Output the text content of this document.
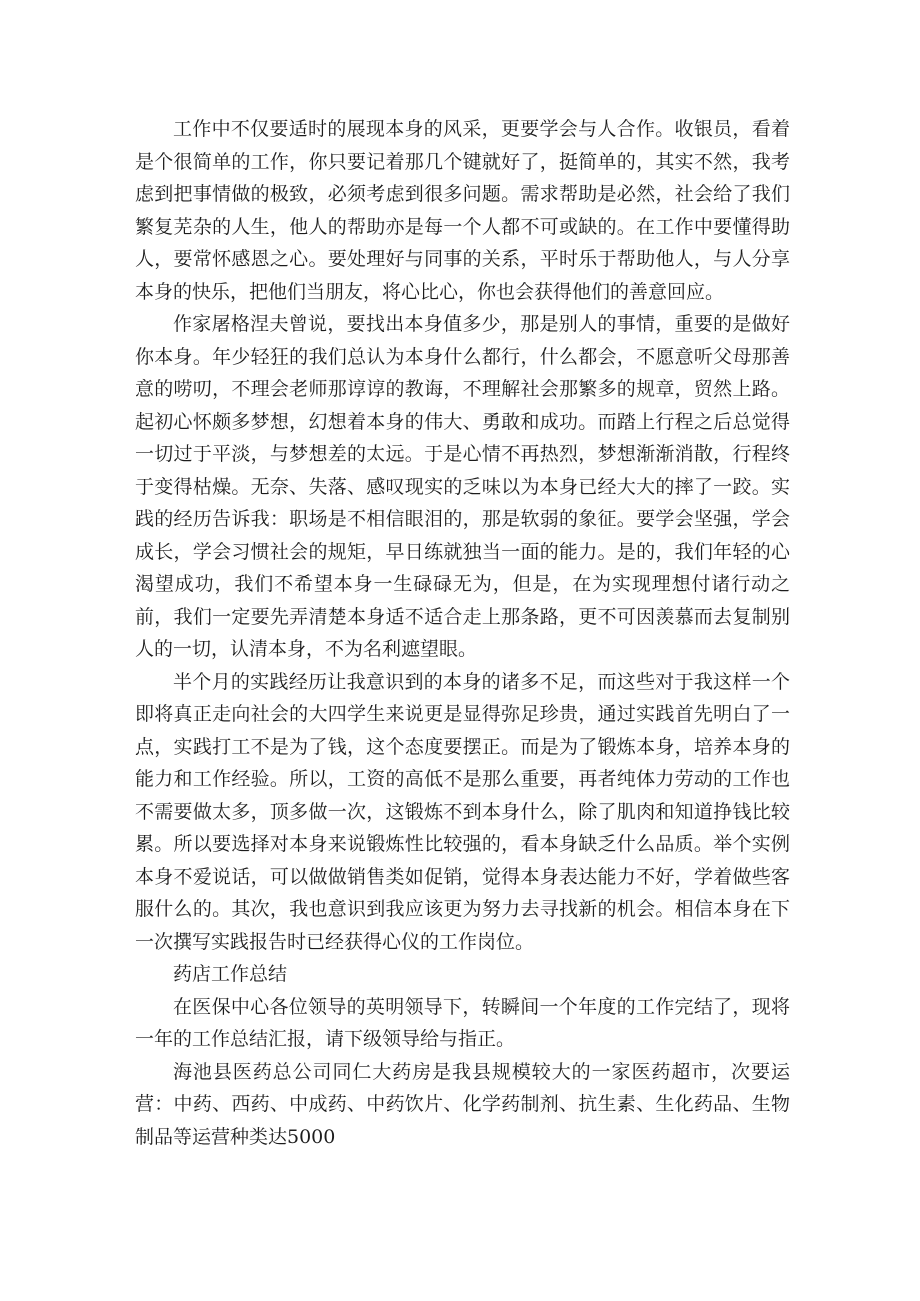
工作中不仅要适时的展现本身的风采，更要学会与人合作。收银员，看着是个很简单的工作，你只要记着那几个键就好了，挺简单的，其实不然，我考虑到把事情做的极致，必须考虑到很多问题。需求帮助是必然，社会给了我们繁复芜杂的人生，他人的帮助亦是每一个人都不可或缺的。在工作中要懂得助人，要常怀感恩之心。要处理好与同事的关系，平时乐于帮助他人，与人分享本身的快乐，把他们当朋友，将心比心，你也会获得他们的善意回应。

作家屠格涅夫曾说，要找出本身值多少，那是别人的事情，重要的是做好你本身。年少轻狂的我们总认为本身什么都行，什么都会，不愿意听父母那善意的唠叨，不理会老师那谆谆的教诲，不理解社会那繁多的规章，贸然上路。起初心怀颇多梦想，幻想着本身的伟大、勇敢和成功。而踏上行程之后总觉得一切过于平淡，与梦想差的太远。于是心情不再热烈，梦想渐渐消散，行程终于变得枯燥。无奈、失落、感叹现实的乏味以为本身已经大大的摔了一跤。实践的经历告诉我：职场是不相信眼泪的，那是软弱的象征。要学会坚强，学会成长，学会习惯社会的规矩，早日练就独当一面的能力。是的，我们年轻的心渴望成功，我们不希望本身一生碌碌无为，但是，在为实现理想付诸行动之前，我们一定要先弄清楚本身适不适合走上那条路，更不可因羡慕而去复制别人的一切，认清本身，不为名利遮望眼。

半个月的实践经历让我意识到的本身的诸多不足，而这些对于我这样一个即将真正走向社会的大四学生来说更是显得弥足珍贵，通过实践首先明白了一点，实践打工不是为了钱，这个态度要摆正。而是为了锻炼本身，培养本身的能力和工作经验。所以，工资的高低不是那么重要，再者纯体力劳动的工作也不需要做太多，顶多做一次，这锻炼不到本身什么，除了肌肉和知道挣钱比较累。所以要选择对本身来说锻炼性比较强的，看本身缺乏什么品质。举个实例本身不爱说话，可以做做销售类如促销，觉得本身表达能力不好，学着做些客服什么的。其次，我也意识到我应该更为努力去寻找新的机会。相信本身在下一次撰写实践报告时已经获得心仪的工作岗位。

药店工作总结

在医保中心各位领导的英明领导下，转瞬间一个年度的工作完结了，现将一年的工作总结汇报，请下级领导给与指正。

海池县医药总公司同仁大药房是我县规模较大的一家医药超市，次要运营：中药、西药、中成药、中药饮片、化学药制剂、抗生素、生化药品、生物制品等运营种类达5000
